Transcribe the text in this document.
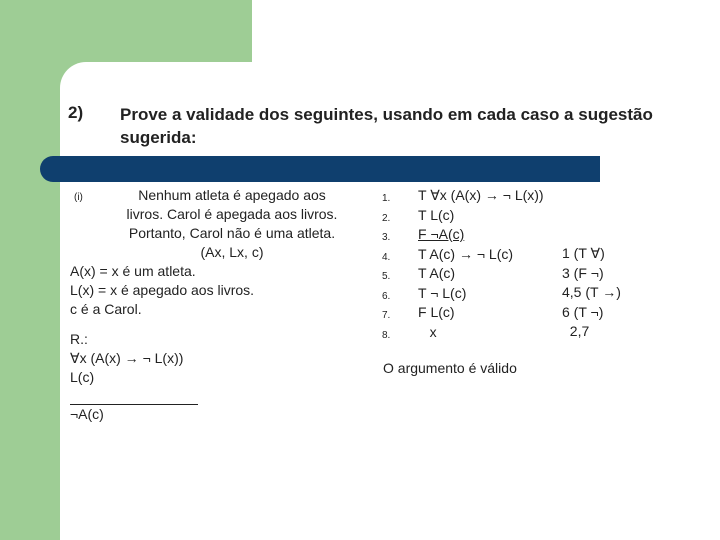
2) Prove a validade dos seguintes, usando em cada caso a sugestão sugerida:
(i)	Nenhum atleta é apegado aos
livros. Carol é apegada aos livros.
Portanto, Carol não é uma atleta.
(Ax, Lx, c)
A(x) = x é um atleta.
L(x) = x é apegado aos livros.
c é a Carol.
R.:
∀x (A(x) → ¬ L(x))
L(c)
¬A(c)
1.
2.
3.
4.
5.
6.
7.
8.
T ∀x (A(x) → ¬ L(x))
T L(c)
F ¬A(c)
T A(c) → ¬ L(c)
T A(c)
T ¬ L(c)
F L(c)
x
1 (T ∀)
3 (F ¬)
4,5 (T →)
6 (T ¬)
2,7
O argumento é válido
